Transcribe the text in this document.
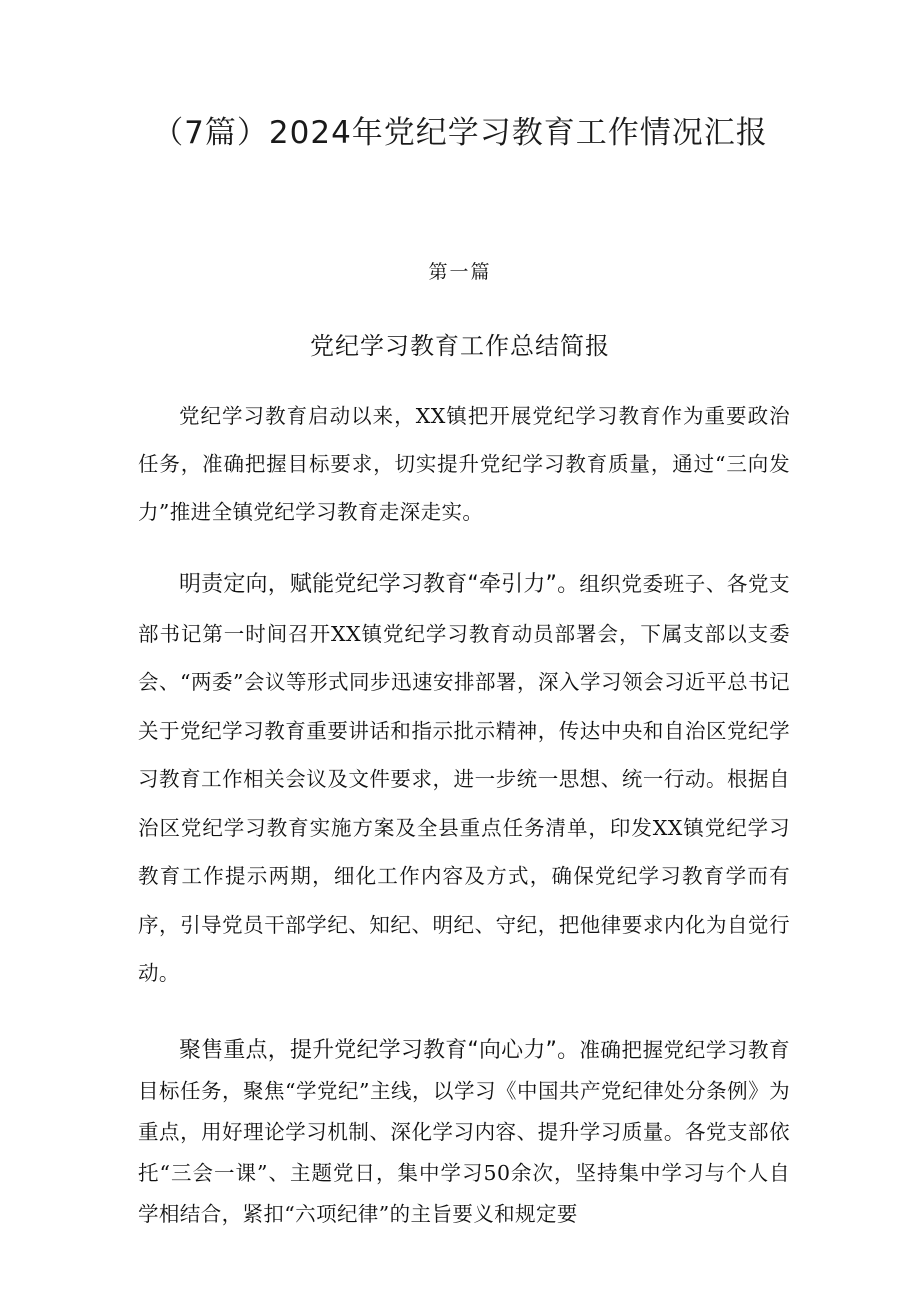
（7篇）2024年党纪学习教育工作情况汇报
第一篇
党纪学习教育工作总结简报

党纪学习教育启动以来，XX镇把开展党纪学习教育作为重要政治任务，准确把握目标要求，切实提升党纪学习教育质量，通过“三向发力”推进全镇党纪学习教育走深走实。

明责定向，赋能党纪学习教育“牵引力”。组织党委班子、各党支部书记第一时间召开XX镇党纪学习教育动员部署会，下属支部以支委会、“两委”会议等形式同步迅速安排部署，深入学习领会习近平总书记关于党纪学习教育重要讲话和指示批示精神，传达中央和自治区党纪学习教育工作相关会议及文件要求，进一步统一思想、统一行动。根据自治区党纪学习教育实施方案及全县重点任务清单，印发XX镇党纪学习教育工作提示两期，细化工作内容及方式，确保党纪学习教育学而有序，引导党员干部学纪、知纪、明纪、守纪，把他律要求内化为自觉行动。

聚售重点，提升党纪学习教育“向心力”。准确把握党纪学习教育目标任务，聚焦“学党纪”主线，以学习《中国共产党纪律处分条例》为重点，用好理论学习机制、深化学习内容、提升学习质量。各党支部依托“三会一课”、主题党日，集中学习50余次，坚持集中学习与个人自学相结合，紧扣“六项纪律”的主旨要义和规定要
